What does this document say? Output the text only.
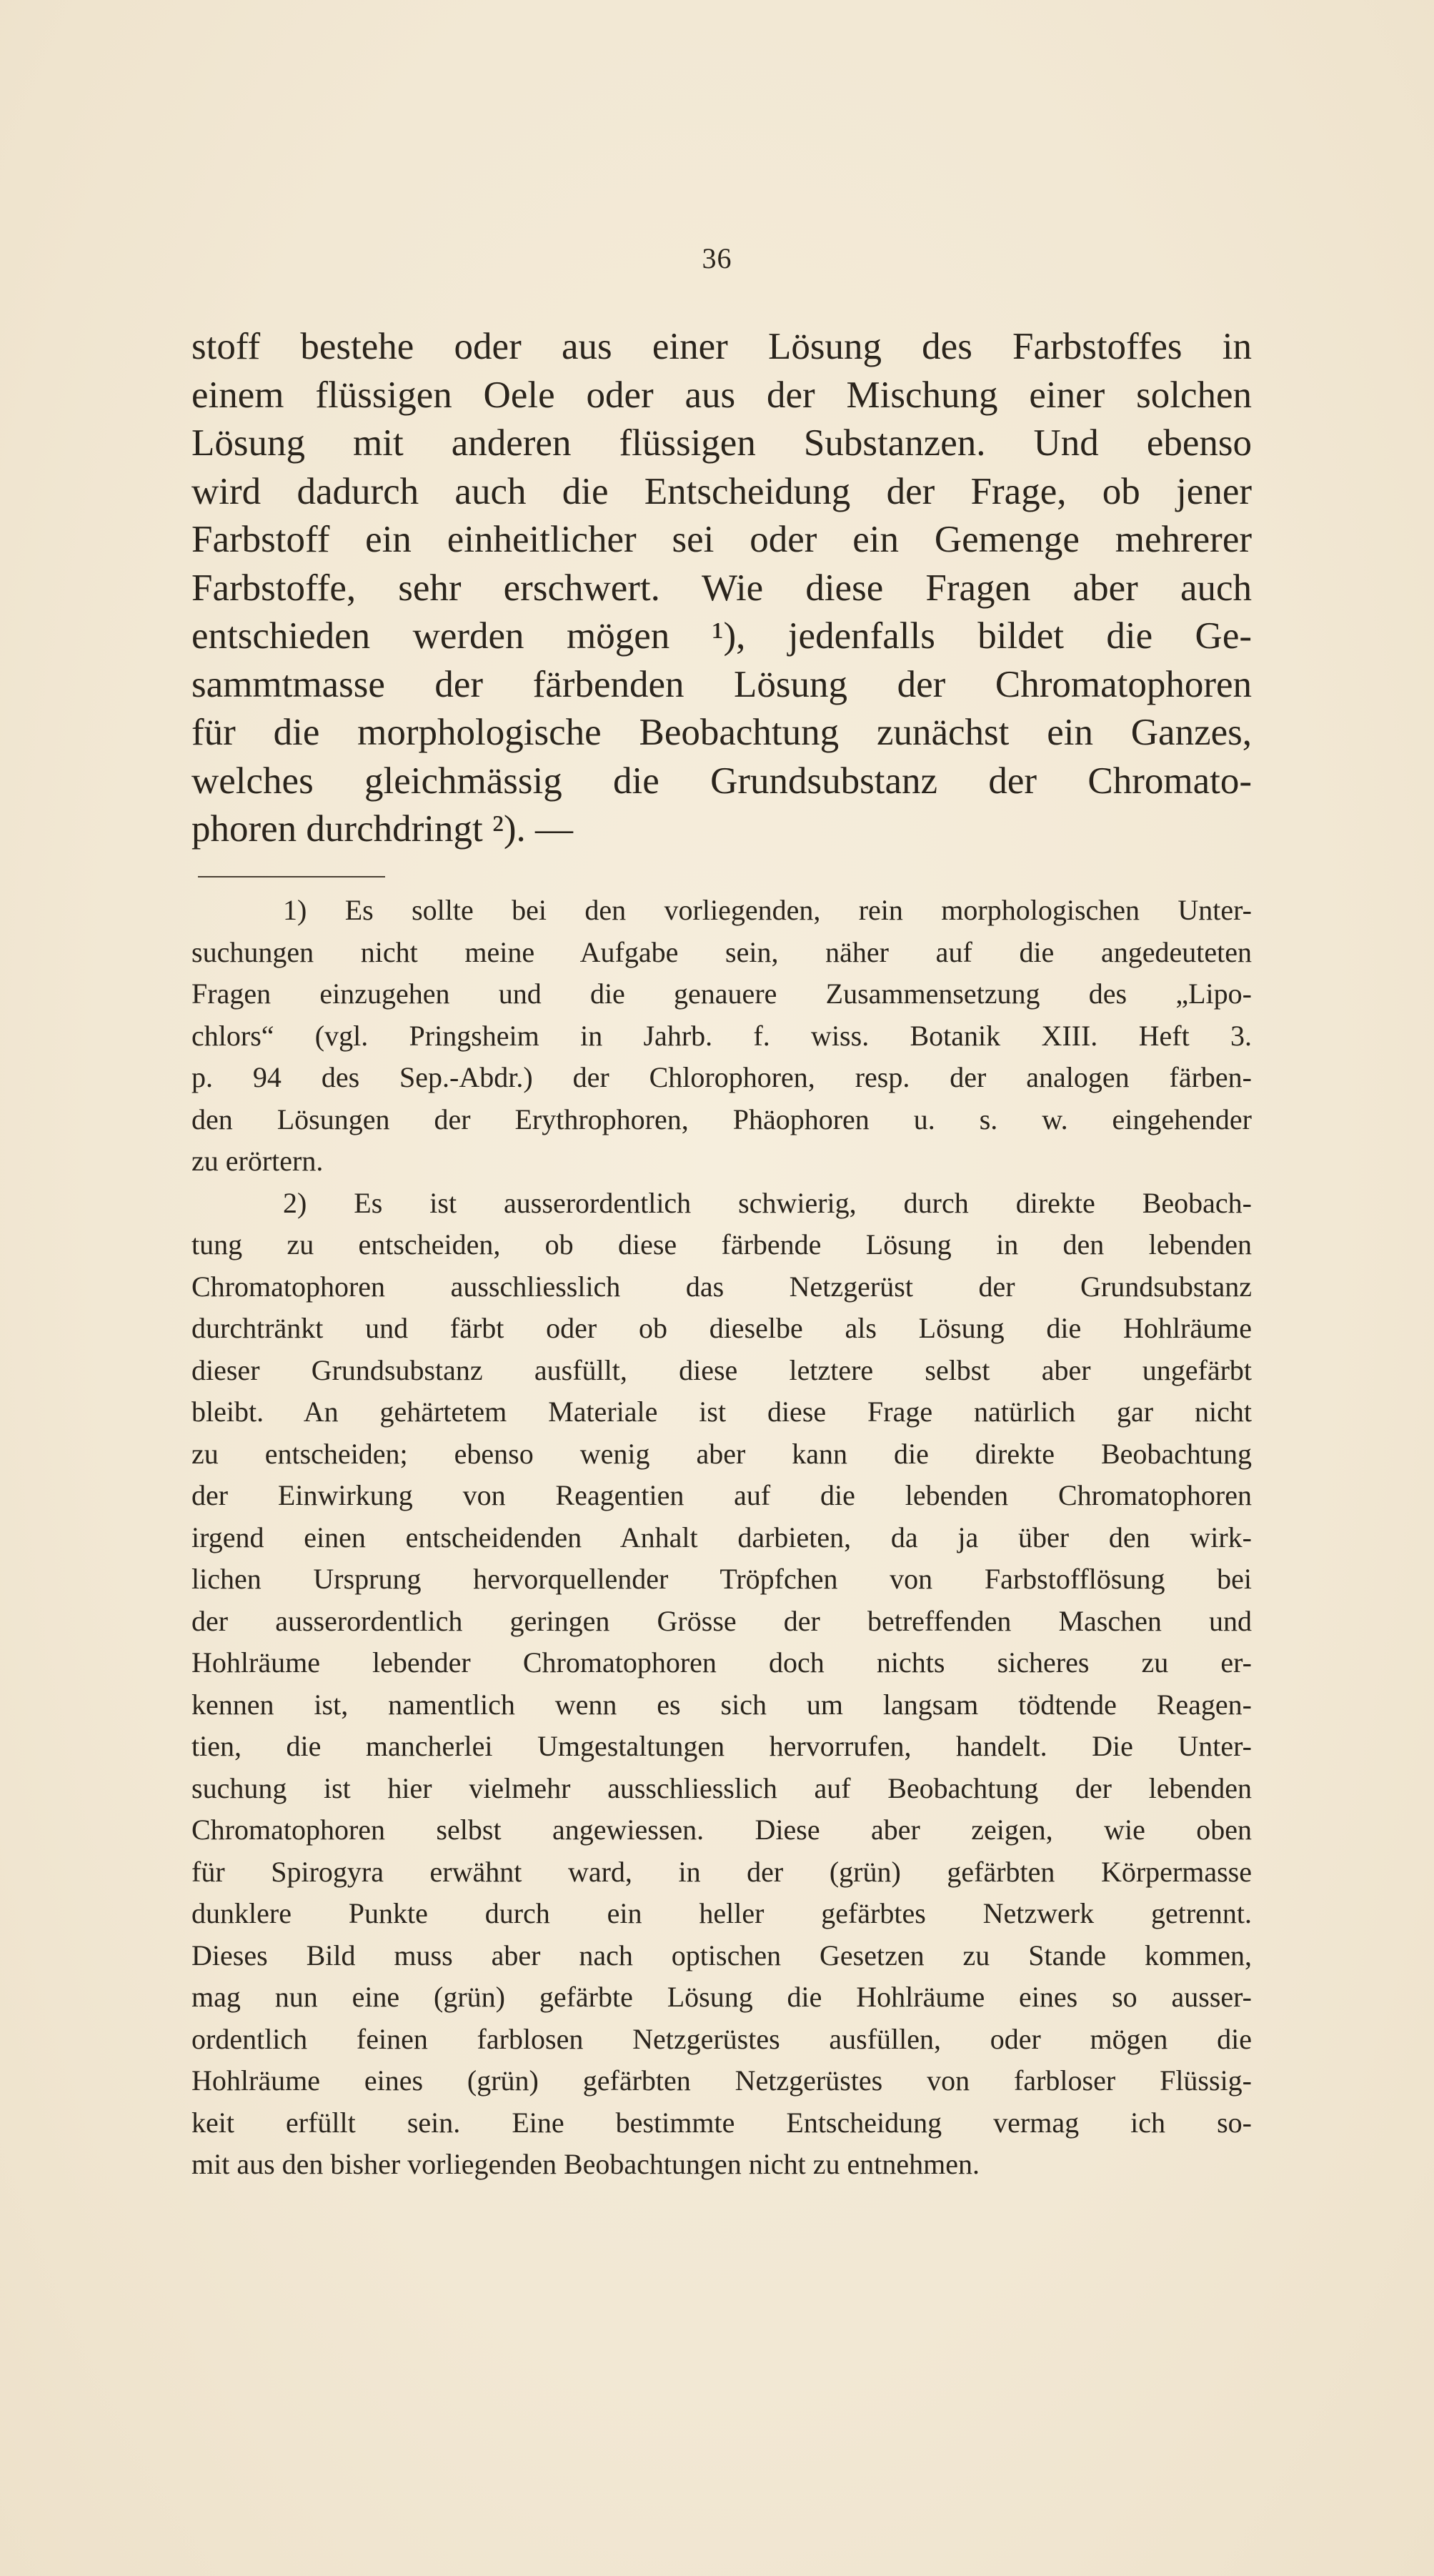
36
stoff bestehe oder aus einer Lösung des Farbstoffes in
einem flüssigen Oele oder aus der Mischung einer solchen
Lösung mit anderen flüssigen Substanzen. Und ebenso
wird dadurch auch die Entscheidung der Frage, ob jener
Farbstoff ein einheitlicher sei oder ein Gemenge mehrerer
Farbstoffe, sehr erschwert. Wie diese Fragen aber auch
entschieden werden mögen ¹), jedenfalls bildet die Ge-
sammtmasse der färbenden Lösung der Chromatophoren
für die morphologische Beobachtung zunächst ein Ganzes,
welches gleichmässig die Grundsubstanz der Chromato-
phoren durchdringt ²). —
1) Es sollte bei den vorliegenden, rein morphologischen Unter-
suchungen nicht meine Aufgabe sein, näher auf die angedeuteten
Fragen einzugehen und die genauere Zusammensetzung des „Lipo-
chlors“ (vgl. Pringsheim in Jahrb. f. wiss. Botanik XIII. Heft 3.
p. 94 des Sep.-Abdr.) der Chlorophoren, resp. der analogen färben-
den Lösungen der Erythrophoren, Phäophoren u. s. w. eingehender
zu erörtern.
2) Es ist ausserordentlich schwierig, durch direkte Beobach-
tung zu entscheiden, ob diese färbende Lösung in den lebenden
Chromatophoren ausschliesslich das Netzgerüst der Grundsubstanz
durchtränkt und färbt oder ob dieselbe als Lösung die Hohlräume
dieser Grundsubstanz ausfüllt, diese letztere selbst aber ungefärbt
bleibt. An gehärtetem Materiale ist diese Frage natürlich gar nicht
zu entscheiden; ebenso wenig aber kann die direkte Beobachtung
der Einwirkung von Reagentien auf die lebenden Chromatophoren
irgend einen entscheidenden Anhalt darbieten, da ja über den wirk-
lichen Ursprung hervorquellender Tröpfchen von Farbstofflösung bei
der ausserordentlich geringen Grösse der betreffenden Maschen und
Hohlräume lebender Chromatophoren doch nichts sicheres zu er-
kennen ist, namentlich wenn es sich um langsam tödtende Reagen-
tien, die mancherlei Umgestaltungen hervorrufen, handelt. Die Unter-
suchung ist hier vielmehr ausschliesslich auf Beobachtung der lebenden
Chromatophoren selbst angewiessen. Diese aber zeigen, wie oben
für Spirogyra erwähnt ward, in der (grün) gefärbten Körpermasse
dunklere Punkte durch ein heller gefärbtes Netzwerk getrennt.
Dieses Bild muss aber nach optischen Gesetzen zu Stande kommen,
mag nun eine (grün) gefärbte Lösung die Hohlräume eines so ausser-
ordentlich feinen farblosen Netzgerüstes ausfüllen, oder mögen die
Hohlräume eines (grün) gefärbten Netzgerüstes von farbloser Flüssig-
keit erfüllt sein. Eine bestimmte Entscheidung vermag ich so-
mit aus den bisher vorliegenden Beobachtungen nicht zu entnehmen.
